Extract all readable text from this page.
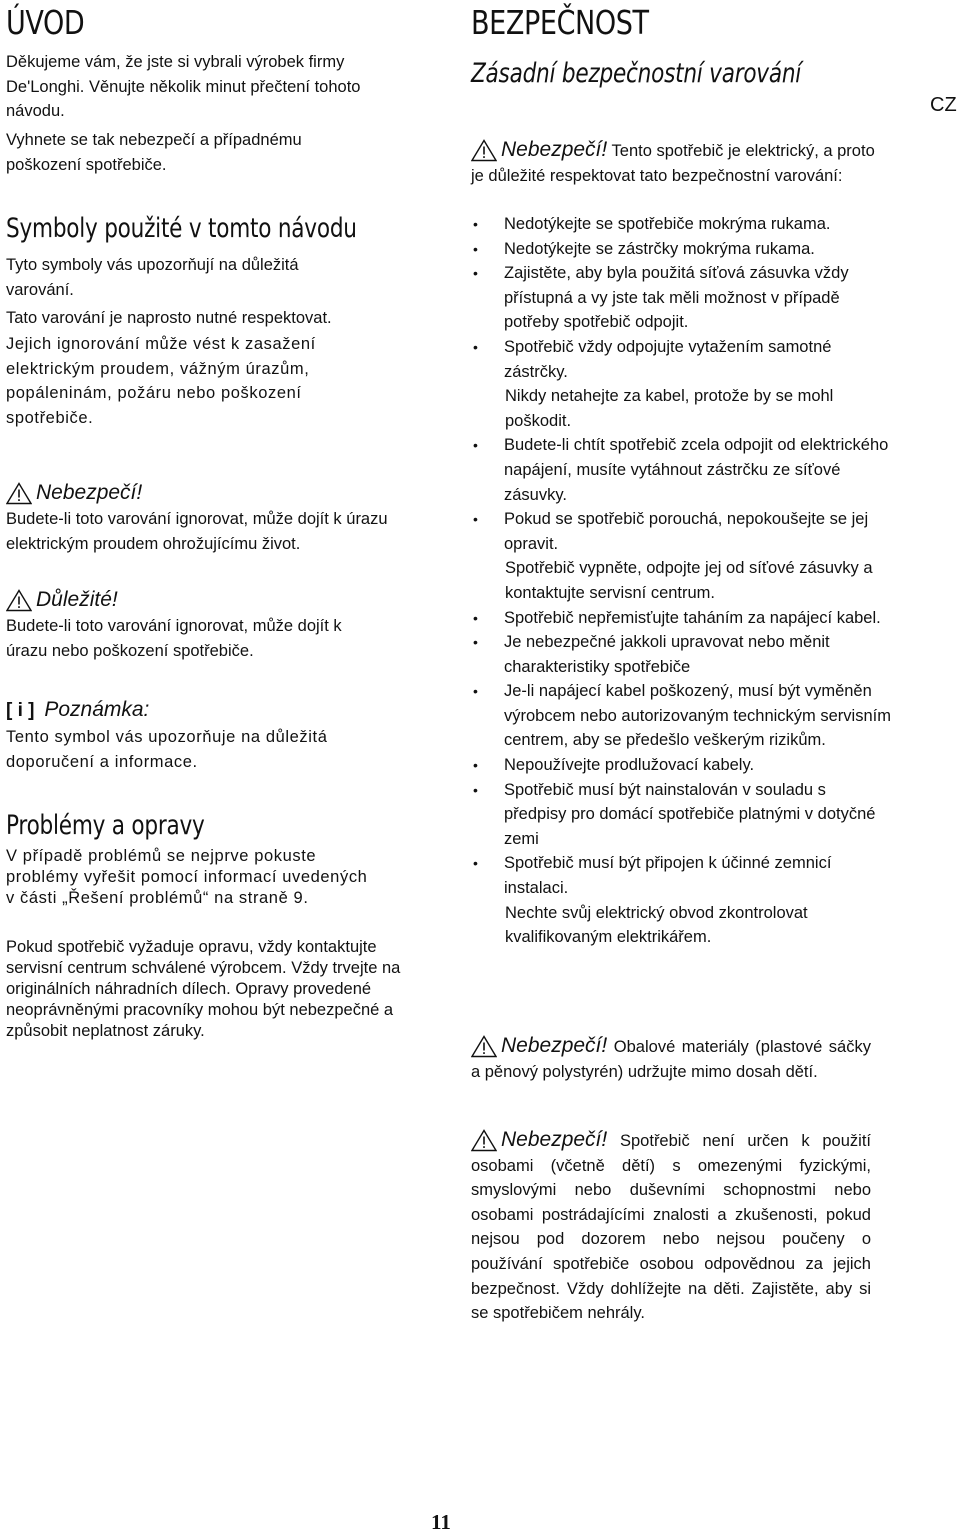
ÚVOD

Děkujeme vám, že jste si vybrali výrobek firmy De'Longhi. Věnujte několik minut přečtení tohoto návodu.

Vyhnete se tak nebezpečí a případnému poškození spotřebiče.

Symboly použité v tomto návodu

Tyto symboly vás upozorňují na důležitá varování.

Tato varování je naprosto nutné respektovat.

Jejich ignorování může vést k zasažení elektrickým proudem, vážným úrazům, popáleninám, požáru nebo poškození spotřebiče.

Nebezpečí!

Budete-li toto varování ignorovat, může dojít k úrazu elektrickým proudem ohrožujícímu život.

Důležité!

Budete-li toto varování ignorovat, může dojít k úrazu nebo poškození spotřebiče.

[ i ] Poznámka:

Tento symbol vás upozorňuje na důležitá doporučení a informace.

Problémy a opravy

V případě problémů se nejprve pokuste problémy vyřešit pomocí informací uvedených v části „Řešení problémů“ na straně 9.

Pokud spotřebič vyžaduje opravu, vždy kontaktujte servisní centrum schválené výrobcem. Vždy trvejte na originálních náhradních dílech. Opravy provedené neoprávněnými pracovníky mohou být nebezpečné a způsobit neplatnost záruky.

BEZPEČNOST
Zásadní bezpečnostní varování
CZ
Nebezpečí! Tento spotřebič je elektrický, a proto je důležité respektovat tato bezpečnostní varování:
• Nedotýkejte se spotřebiče mokrýma rukama.
• Nedotýkejte se zástrčky mokrýma rukama.
• Zajistěte, aby byla použitá síťová zásuvka vždy přístupná a vy jste tak měli možnost v případě potřeby spotřebič odpojit.
• Spotřebič vždy odpojujte vytažením samotné zástrčky.
Nikdy netahejte za kabel, protože by se mohl poškodit.
• Budete-li chtít spotřebič zcela odpojit od elektrického napájení, musíte vytáhnout zástrčku ze síťové zásuvky.
• Pokud se spotřebič porouchá, nepokoušejte se jej opravit.
Spotřebič vypněte, odpojte jej od síťové zásuvky a kontaktujte servisní centrum.
• Spotřebič nepřemisťujte taháním za napájecí kabel.
• Je nebezpečné jakkoli upravovat nebo měnit charakteristiky spotřebiče
• Je-li napájecí kabel poškozený, musí být vyměněn výrobcem nebo autorizovaným technickým servisním centrem, aby se předešlo veškerým rizikům.
• Nepoužívejte prodlužovací kabely.
• Spotřebič musí být nainstalován v souladu s předpisy pro domácí spotřebiče platnými v dotyčné zemi
• Spotřebič musí být připojen k účinné zemnicí instalaci.
Nechte svůj elektrický obvod zkontrolovat kvalifikovaným elektrikářem.
Nebezpečí! Obalové materiály (plastové sáčky a pěnový polystyrén) udržujte mimo dosah dětí.
Nebezpečí! Spotřebič není určen k použití osobami (včetně dětí) s omezenými fyzickými, smyslovými nebo duševními schopnostmi nebo osobami postrádajícími znalosti a zkušenosti, pokud nejsou pod dozorem nebo nejsou poučeny o používání spotřebiče osobou odpovědnou za jejich bezpečnost. Vždy dohlížejte na děti. Zajistěte, aby si se spotřebičem nehrály.
11
